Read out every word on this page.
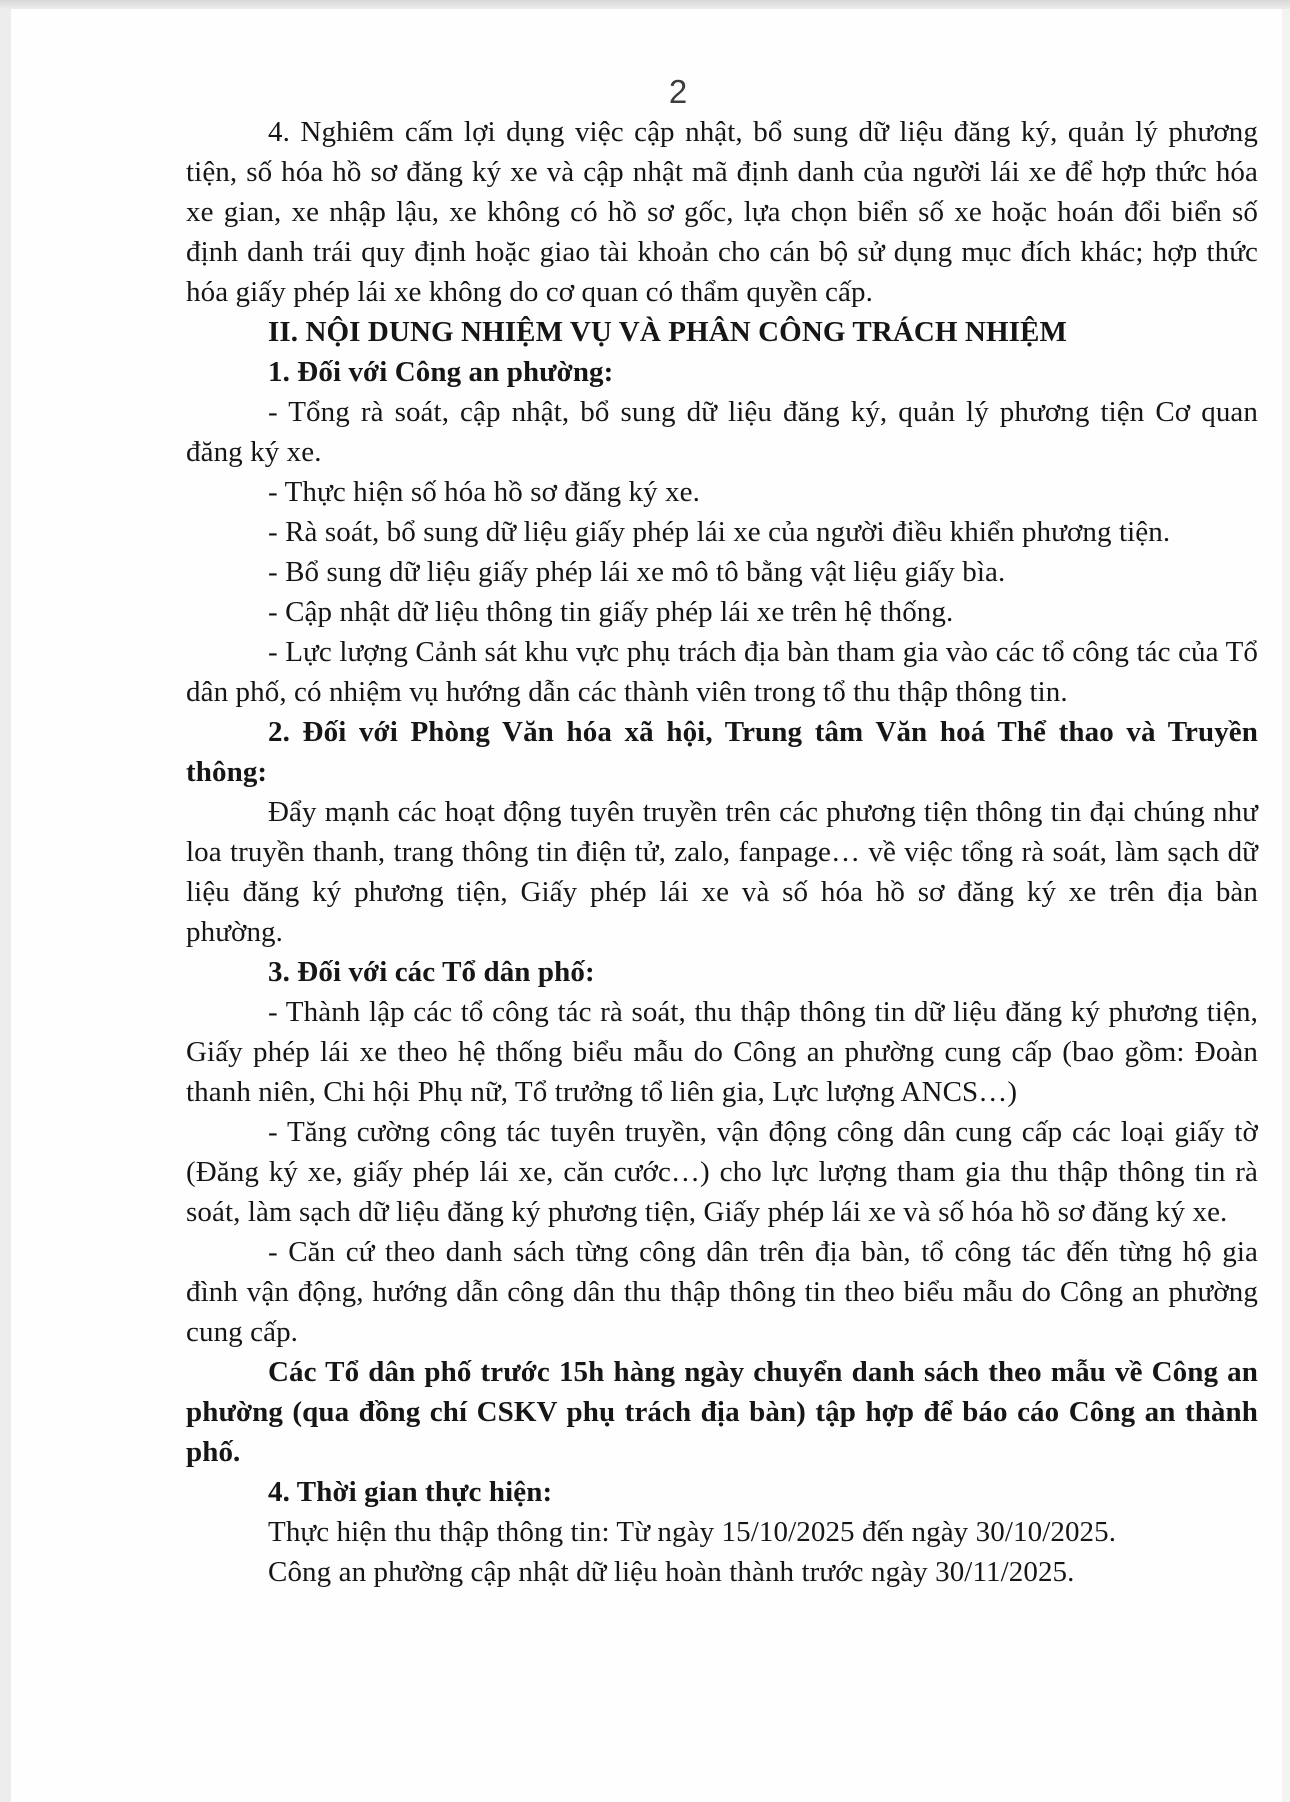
2

4. Nghiêm cấm lợi dụng việc cập nhật, bổ sung dữ liệu đăng ký, quản lý phương tiện, số hóa hồ sơ đăng ký xe và cập nhật mã định danh của người lái xe để hợp thức hóa xe gian, xe nhập lậu, xe không có hồ sơ gốc, lựa chọn biển số xe hoặc hoán đổi biển số định danh trái quy định hoặc giao tài khoản cho cán bộ sử dụng mục đích khác; hợp thức hóa giấy phép lái xe không do cơ quan có thẩm quyền cấp.

II. NỘI DUNG NHIỆM VỤ VÀ PHÂN CÔNG TRÁCH NHIỆM

1. Đối với Công an phường:

- Tổng rà soát, cập nhật, bổ sung dữ liệu đăng ký, quản lý phương tiện Cơ quan đăng ký xe.

- Thực hiện số hóa hồ sơ đăng ký xe.

- Rà soát, bổ sung dữ liệu giấy phép lái xe của người điều khiển phương tiện.

- Bổ sung dữ liệu giấy phép lái xe mô tô bằng vật liệu giấy bìa.

- Cập nhật dữ liệu thông tin giấy phép lái xe trên hệ thống.

- Lực lượng Cảnh sát khu vực phụ trách địa bàn tham gia vào các tổ công tác của Tổ dân phố, có nhiệm vụ hướng dẫn các thành viên trong tổ thu thập thông tin.

2. Đối với Phòng Văn hóa xã hội, Trung tâm Văn hoá Thể thao và Truyền thông:

Đẩy mạnh các hoạt động tuyên truyền trên các phương tiện thông tin đại chúng như loa truyền thanh, trang thông tin điện tử, zalo, fanpage… về việc tổng rà soát, làm sạch dữ liệu đăng ký phương tiện, Giấy phép lái xe và số hóa hồ sơ đăng ký xe trên địa bàn phường.

3. Đối với các Tổ dân phố:

- Thành lập các tổ công tác rà soát, thu thập thông tin dữ liệu đăng ký phương tiện, Giấy phép lái xe theo hệ thống biểu mẫu do Công an phường cung cấp (bao gồm: Đoàn thanh niên, Chi hội Phụ nữ, Tổ trưởng tổ liên gia, Lực lượng ANCS…)

- Tăng cường công tác tuyên truyền, vận động công dân cung cấp các loại giấy tờ (Đăng ký xe, giấy phép lái xe, căn cước…) cho lực lượng tham gia thu thập thông tin rà soát, làm sạch dữ liệu đăng ký phương tiện, Giấy phép lái xe và số hóa hồ sơ đăng ký xe.

- Căn cứ theo danh sách từng công dân trên địa bàn, tổ công tác đến từng hộ gia đình vận động, hướng dẫn công dân thu thập thông tin theo biểu mẫu do Công an phường cung cấp.

Các Tổ dân phố trước 15h hàng ngày chuyển danh sách theo mẫu về Công an phường (qua đồng chí CSKV phụ trách địa bàn) tập hợp để báo cáo Công an thành phố.

4. Thời gian thực hiện:

Thực hiện thu thập thông tin: Từ ngày 15/10/2025 đến ngày 30/10/2025.

Công an phường cập nhật dữ liệu hoàn thành trước ngày 30/11/2025.
